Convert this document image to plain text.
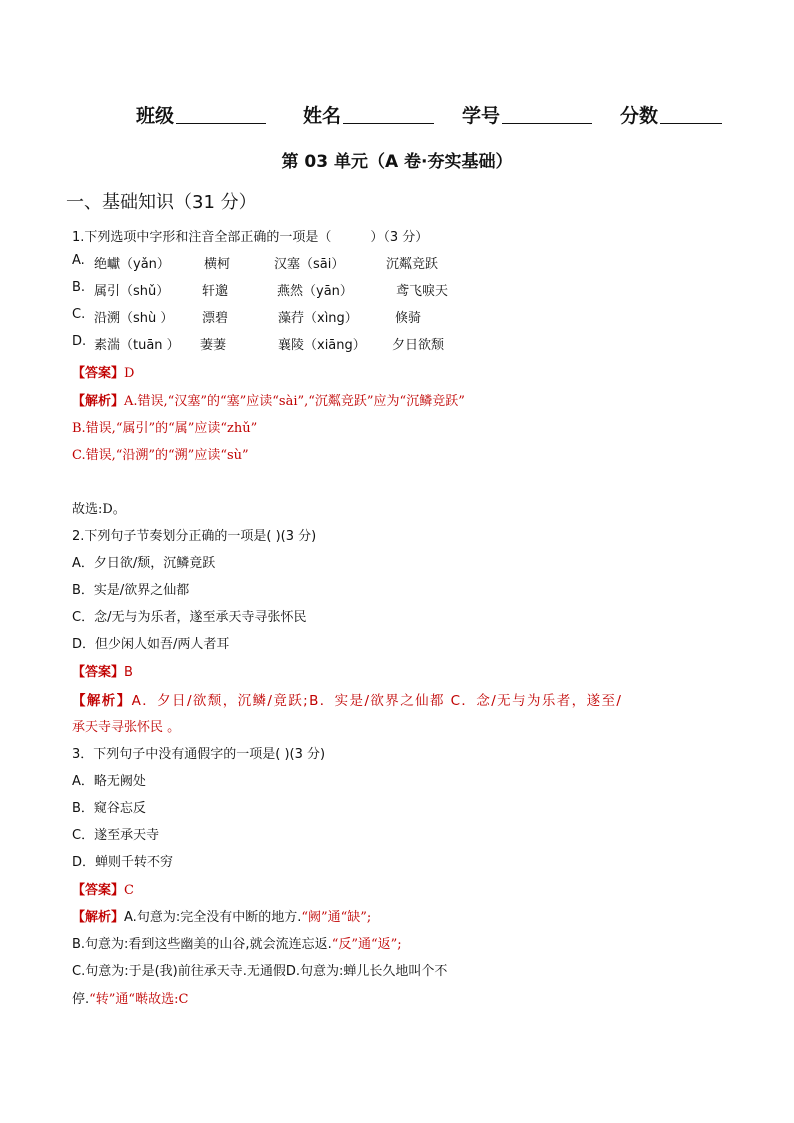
班级	姓名	学号	分数
第 03 单元（A 卷·夯实基础）
一、基础知识（31 分）
1.下列选项中字形和注音全部正确的一项是（　　　）（3 分）
A. 绝巘（yǎn）	横柯	汉塞（sāi）	沉粼竞跃
B. 属引（shǔ）	轩邈	燕然（yān）	鸢飞唳天
C. 沿溯（shù ） 漂碧	藻荇（xìng）	倏骑
D. 素湍（tuān ） 萋萋	襄陵（xiāng） 夕日欲颓
【答案】D
【解析】A.错误,“汉塞”的“塞”应读“sài”,“沉粼竞跃”应为“沉鳞竞跃”
B.错误,“属引”的“属”应读“zhǔ”
C.错误,“沿溯”的“溯”应读“sù”
故选:D。
2.下列句子节奏划分正确的一项是( )(3 分)
A．夕日欲/颓，沉鳞竟跃
B．实是/欲界之仙都
C．念/无与为乐者，遂至承天寺寻张怀民
D．但少闲人如吾/两人者耳
【答案】B
【解析】A．夕日/欲颓，沉鳞/竟跃;B．实是/欲界之仙都 C．念/无与为乐者，遂至/
承天寺寻张怀民 。
3．下列句子中没有通假字的一项是( )(3 分)
A．略无阙处
B．窥谷忘反
C．遂至承天寺
D．蝉则千转不穷
【答案】C
【解析】A.句意为:完全没有中断的地方.“阙”通“缺”;
B.句意为:看到这些幽美的山谷,就会流连忘返.“反”通“返”;
C.句意为:于是(我)前往承天寺.无通假D.句意为:蝉儿长久地叫个不
停.“转”通“啭故选:C
